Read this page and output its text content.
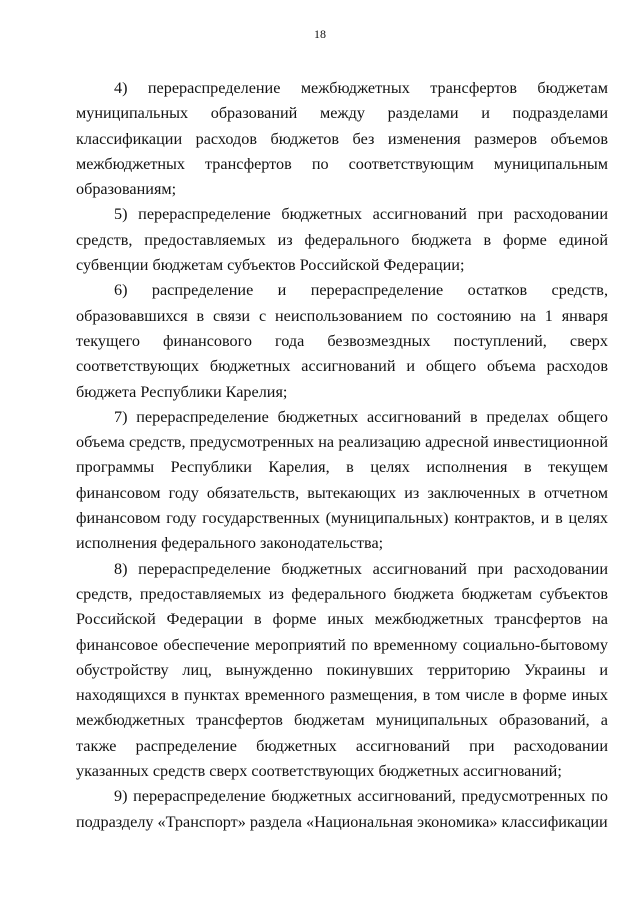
18

4) перераспределение межбюджетных трансфертов бюджетам муниципальных образований между разделами и подразделами классификации расходов бюджетов без изменения размеров объемов межбюджетных трансфертов по соответствующим муниципальным образованиям;

5) перераспределение бюджетных ассигнований при расходовании средств, предоставляемых из федерального бюджета в форме единой субвенции бюджетам субъектов Российской Федерации;

6) распределение и перераспределение остатков средств, образовавшихся в связи с неиспользованием по состоянию на 1 января текущего финансового года безвозмездных поступлений, сверх соответствующих бюджетных ассигнований и общего объема расходов бюджета Республики Карелия;

7) перераспределение бюджетных ассигнований в пределах общего объема средств, предусмотренных на реализацию адресной инвестиционной программы Республики Карелия, в целях исполнения в текущем финансовом году обязательств, вытекающих из заключенных в отчетном финансовом году государственных (муниципальных) контрактов, и в целях исполнения федерального законодательства;

8) перераспределение бюджетных ассигнований при расходовании средств, предоставляемых из федерального бюджета бюджетам субъектов Российской Федерации в форме иных межбюджетных трансфертов на финансовое обеспечение мероприятий по временному социально-бытовому обустройству лиц, вынужденно покинувших территорию Украины и находящихся в пунктах временного размещения, в том числе в форме иных межбюджетных трансфертов бюджетам муниципальных образований, а также распределение бюджетных ассигнований при расходовании указанных средств сверх соответствующих бюджетных ассигнований;

9) перераспределение бюджетных ассигнований, предусмотренных по подразделу «Транспорт» раздела «Национальная экономика» классификации
